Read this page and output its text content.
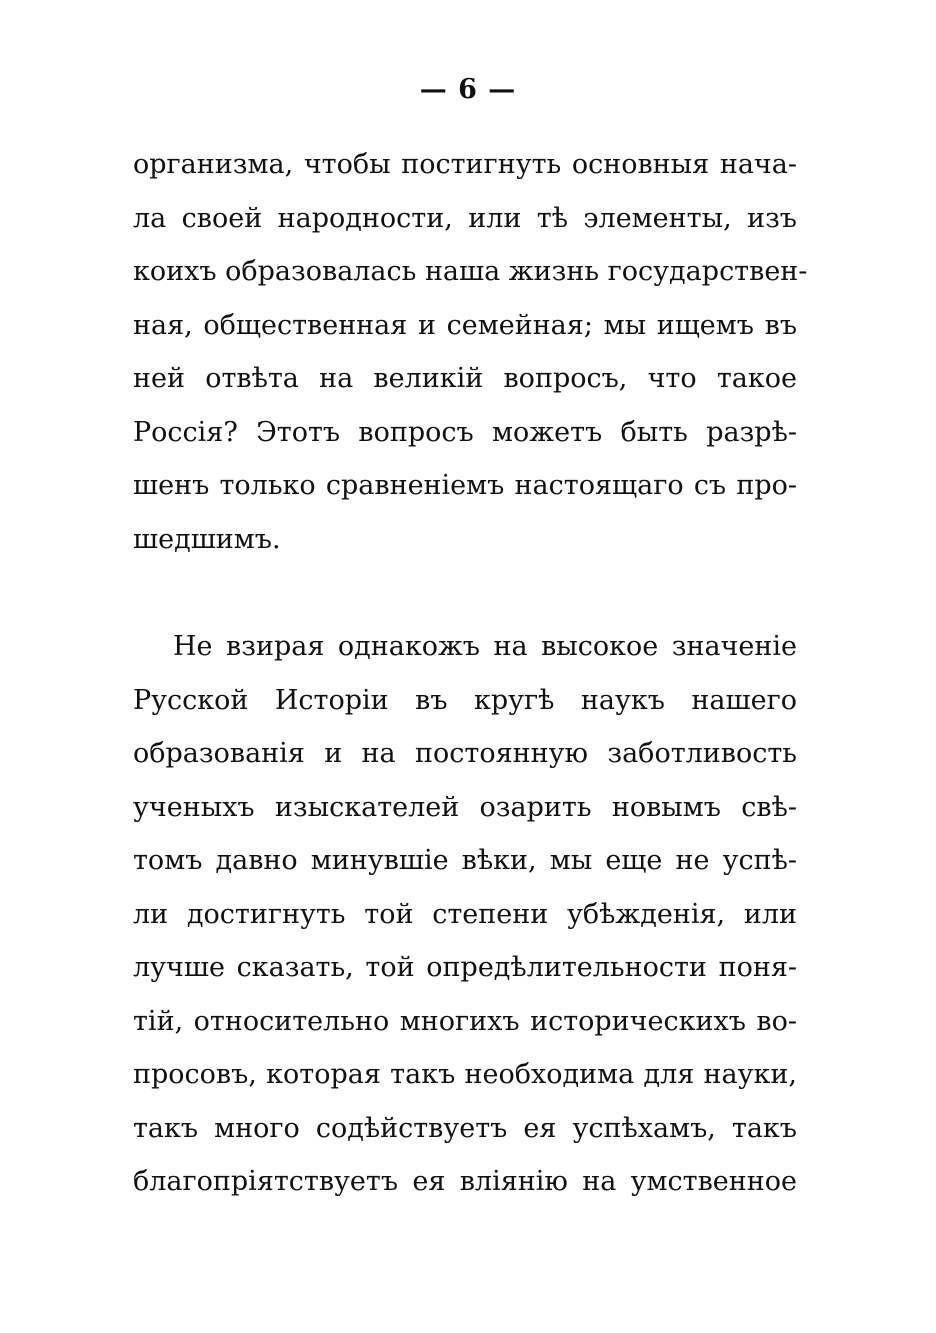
— 6 —
организма, чтобы постигнуть основныя нача-
ла своей народности, или тѣ элементы, изъ
коихъ образовалась наша жизнь государствен-
ная, общественная и семейная; мы ищемъ въ
ней отвѣта на великій вопросъ, что такое
Россія? Этотъ вопросъ можетъ быть разрѣ-
шенъ только сравненіемъ настоящаго съ про-
шедшимъ.
Не взирая однакожъ на высокое значеніе
Русской Исторіи въ кругѣ наукъ нашего
образованія и на постоянную заботливость
ученыхъ изыскателей озарить новымъ свѣ-
томъ давно минувшіе вѣки, мы еще не успѣ-
ли достигнуть той степени убѣжденія, или
лучше сказать, той опредѣлительности поня-
тій, относительно многихъ историческихъ во-
просовъ, которая такъ необходима для науки,
такъ много содѣйствуетъ ея успѣхамъ, такъ
благопріятствуетъ ея вліянію на умственное
